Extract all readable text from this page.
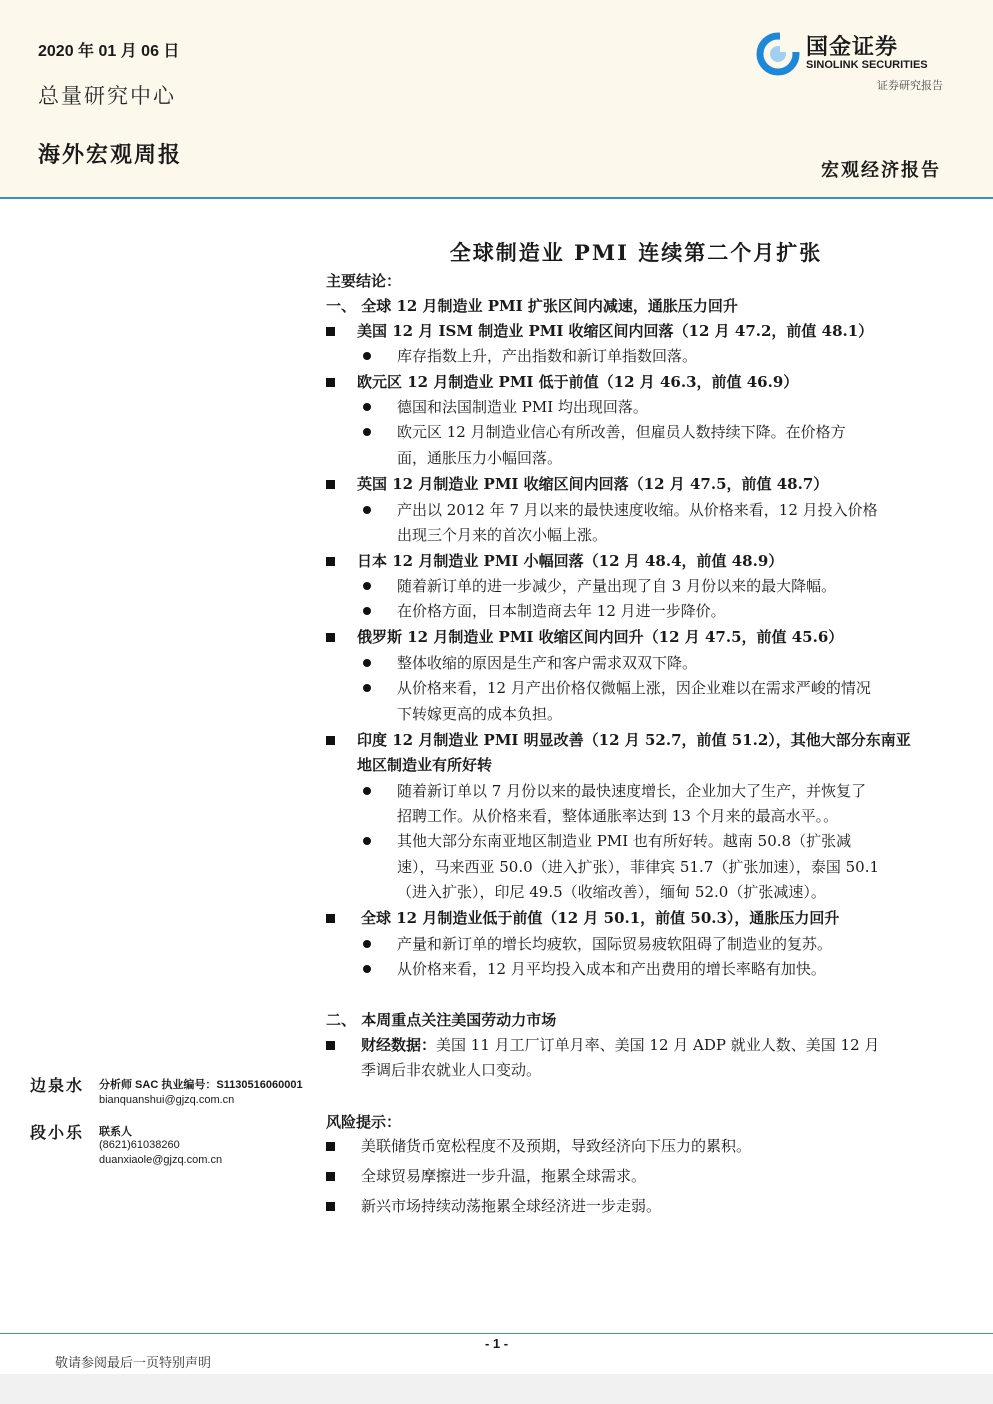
2020 年 01 月 06 日
总量研究中心
海外宏观周报
国金证券
SINOLINK SECURITIES
证券研究报告
宏观经济报告
全球制造业 PMI 连续第二个月扩张
主要结论：
一、 全球 12 月制造业 PMI 扩张区间内减速，通胀压力回升
美国 12 月 ISM 制造业 PMI 收缩区间内回落（12 月 47.2，前值 48.1）
库存指数上升，产出指数和新订单指数回落。
欧元区 12 月制造业 PMI 低于前值（12 月 46.3，前值 46.9）
德国和法国制造业 PMI 均出现回落。
欧元区 12 月制造业信心有所改善，但雇员人数持续下降。在价格方
面，通胀压力小幅回落。
英国 12 月制造业 PMI 收缩区间内回落（12 月 47.5，前值 48.7）
产出以 2012 年 7 月以来的最快速度收缩。从价格来看，12 月投入价格
出现三个月来的首次小幅上涨。
日本 12 月制造业 PMI 小幅回落（12 月 48.4，前值 48.9）
随着新订单的进一步减少，产量出现了自 3 月份以来的最大降幅。
在价格方面，日本制造商去年 12 月进一步降价。
俄罗斯 12 月制造业 PMI 收缩区间内回升（12 月 47.5，前值 45.6）
整体收缩的原因是生产和客户需求双双下降。
从价格来看，12 月产出价格仅微幅上涨，因企业难以在需求严峻的情况
下转嫁更高的成本负担。
印度 12 月制造业 PMI 明显改善（12 月 52.7，前值 51.2），其他大部分东南亚
地区制造业有所好转
随着新订单以 7 月份以来的最快速度增长，企业加大了生产，并恢复了
招聘工作。从价格来看，整体通胀率达到 13 个月来的最高水平。。
其他大部分东南亚地区制造业 PMI 也有所好转。越南 50.8（扩张减
速），马来西亚 50.0（进入扩张），菲律宾 51.7（扩张加速），泰国 50.1
（进入扩张），印尼 49.5（收缩改善），缅甸 52.0（扩张减速）。
全球 12 月制造业低于前值（12 月 50.1，前值 50.3），通胀压力回升
产量和新订单的增长均疲软，国际贸易疲软阻碍了制造业的复苏。
从价格来看，12 月平均投入成本和产出费用的增长率略有加快。
二、 本周重点关注美国劳动力市场
财经数据：美国 11 月工厂订单月率、美国 12 月 ADP 就业人数、美国 12 月
季调后非农就业人口变动。
风险提示：
美联储货币宽松程度不及预期，导致经济向下压力的累积。
全球贸易摩擦进一步升温，拖累全球需求。
新兴市场持续动荡拖累全球经济进一步走弱。
边泉水 分析师 SAC 执业编号：S1130516060001
bianquanshui@gjzq.com.cn
段小乐 联系人
(8621)61038260
duanxiaole@gjzq.com.cn
- 1 -
敬请参阅最后一页特别声明
